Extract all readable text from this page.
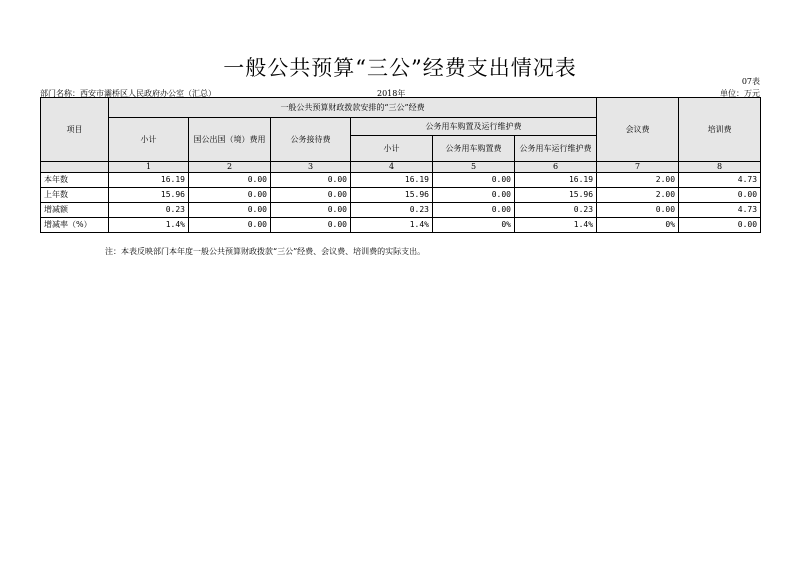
一般公共预算“三公”经费支出情况表
07表
部门名称：西安市灞桥区人民政府办公室（汇总）	2018年	单位：万元
项目	一般公共预算财政拨款安排的“三公”经费						会议费	培训费
	小计	国公出国（境）费用	公务接待费	公务用车购置及运行维护费				
				小计	公务用车购置费	公务用车运行维护费		
	1	2	3	4	5	6	7	8
本年数	16.19	0.00	0.00	16.19	0.00	16.19	2.00	4.73
上年数	15.96	0.00	0.00	15.96	0.00	15.96	2.00	0.00
增减额	0.23	0.00	0.00	0.23	0.00	0.23	0.00	4.73
增减率（%）	1.4%	0.00	0.00	1.4%	0%	1.4%	0%	0.00
注：本表反映部门本年度一般公共预算财政拨款“三公”经费、会议费、培训费的实际支出。
